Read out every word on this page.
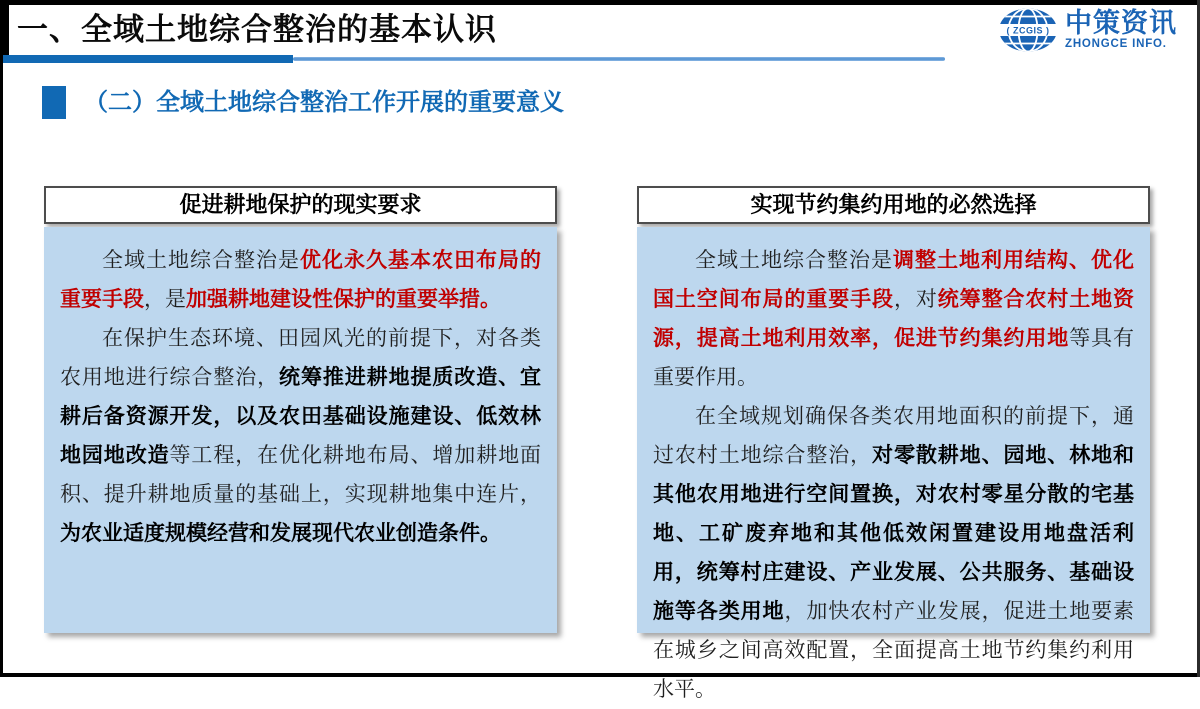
一、全域土地综合整治的基本认识	( ZCGIS ) 中策资讯
ZHONGCE INFO.
（二）全域土地综合整治工作开展的重要意义
促进耕地保护的现实要求

全域土地综合整治是优化永久基本农田布局的重要手段，是加强耕地建设性保护的重要举措。

在保护生态环境、田园风光的前提下，对各类农用地进行综合整治，统筹推进耕地提质改造、宜耕后备资源开发，以及农田基础设施建设、低效林地园地改造等工程，在优化耕地布局、增加耕地面积、提升耕地质量的基础上，实现耕地集中连片，为农业适度规模经营和发展现代农业创造条件。

实现节约集约用地的必然选择

全域土地综合整治是调整土地利用结构、优化国土空间布局的重要手段，对统筹整合农村土地资源，提高土地利用效率，促进节约集约用地等具有重要作用。

在全域规划确保各类农用地面积的前提下，通过农村土地综合整治，对零散耕地、园地、林地和其他农用地进行空间置换，对农村零星分散的宅基地、工矿废弃地和其他低效闲置建设用地盘活利用，统筹村庄建设、产业发展、公共服务、基础设施等各类用地，加快农村产业发展，促进土地要素在城乡之间高效配置，全面提高土地节约集约利用水平。
